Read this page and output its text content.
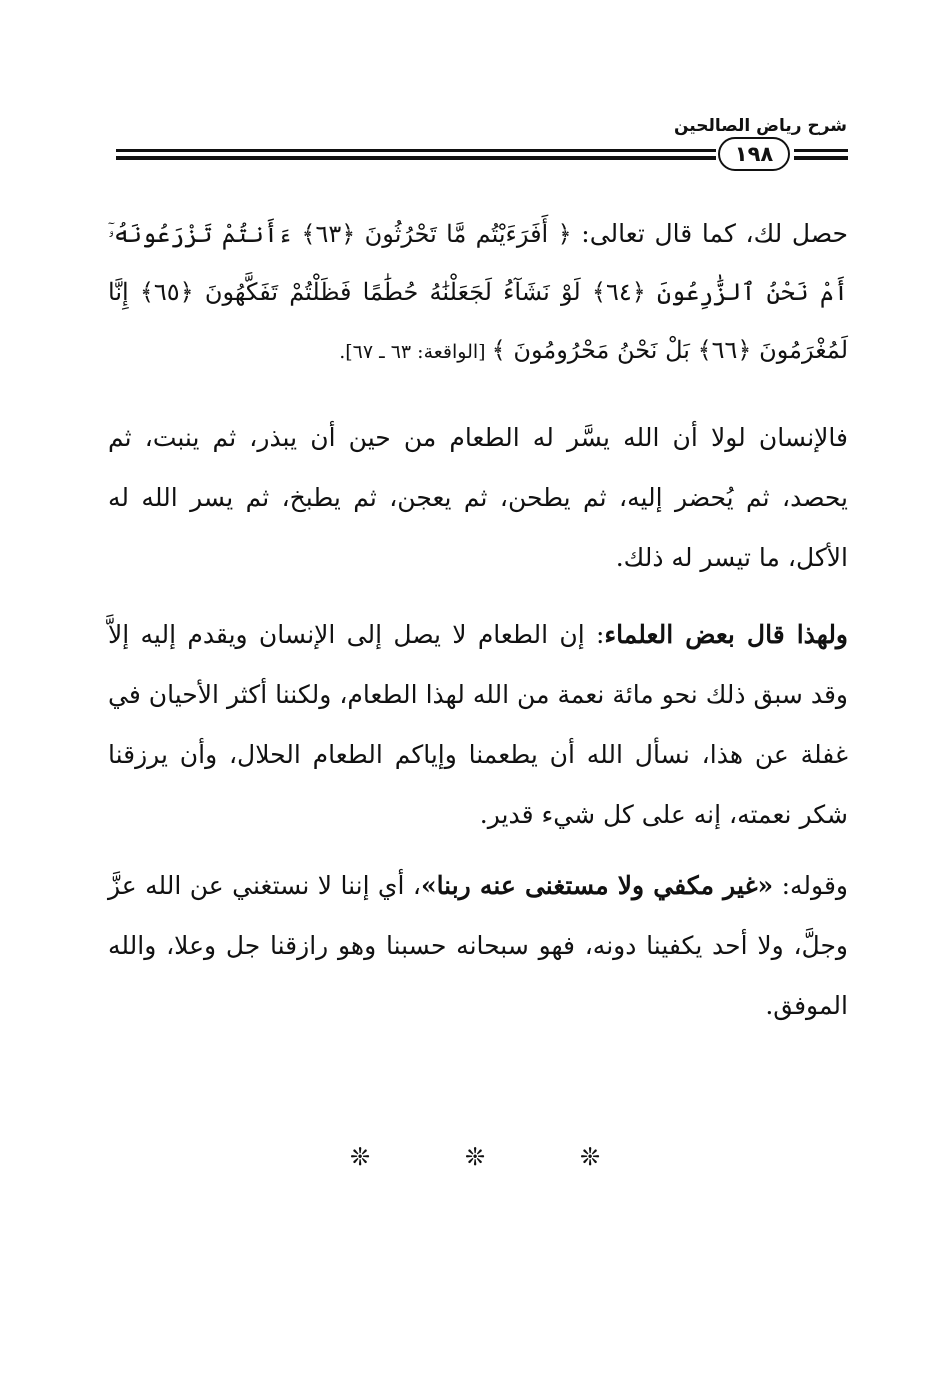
شرح رياض الصالحين
١٩٨
حصل لك، كما قال تعالى: ﴿ أَفَرَءَيْتُم مَّا تَحْرُثُونَ ﴿٦٣﴾ ءَأَنتُمْ تَزْرَعُونَهُۥٓ أَمْ نَحْنُ ٱلزَّٰرِعُونَ ﴿٦٤﴾ لَوْ نَشَآءُ لَجَعَلْنَٰهُ حُطَٰمًا فَظَلْتُمْ تَفَكَّهُونَ ﴿٦٥﴾ إِنَّا لَمُغْرَمُونَ ﴿٦٦﴾ بَلْ نَحْنُ مَحْرُومُونَ ﴾ [الواقعة: ٦٣ ـ ٦٧].
فالإنسان لولا أن الله يسَّر له الطعام من حين أن يبذر، ثم ينبت، ثم يحصد، ثم يُحضر إليه، ثم يطحن، ثم يعجن، ثم يطبخ، ثم يسر الله له الأكل، ما تيسر له ذلك.
ولهذا قال بعض العلماء: إن الطعام لا يصل إلى الإنسان ويقدم إليه إلاَّ وقد سبق ذلك نحو مائة نعمة من الله لهذا الطعام، ولكننا أكثر الأحيان في غفلة عن هذا، نسأل الله أن يطعمنا وإياكم الطعام الحلال، وأن يرزقنا شكر نعمته، إنه على كل شيء قدير.
وقوله: «غير مكفي ولا مستغنى عنه ربنا»، أي إننا لا نستغني عن الله عزَّ وجلَّ، ولا أحد يكفينا دونه، فهو سبحانه حسبنا وهو رازقنا جل وعلا، والله الموفق.
❊	❊	❊
